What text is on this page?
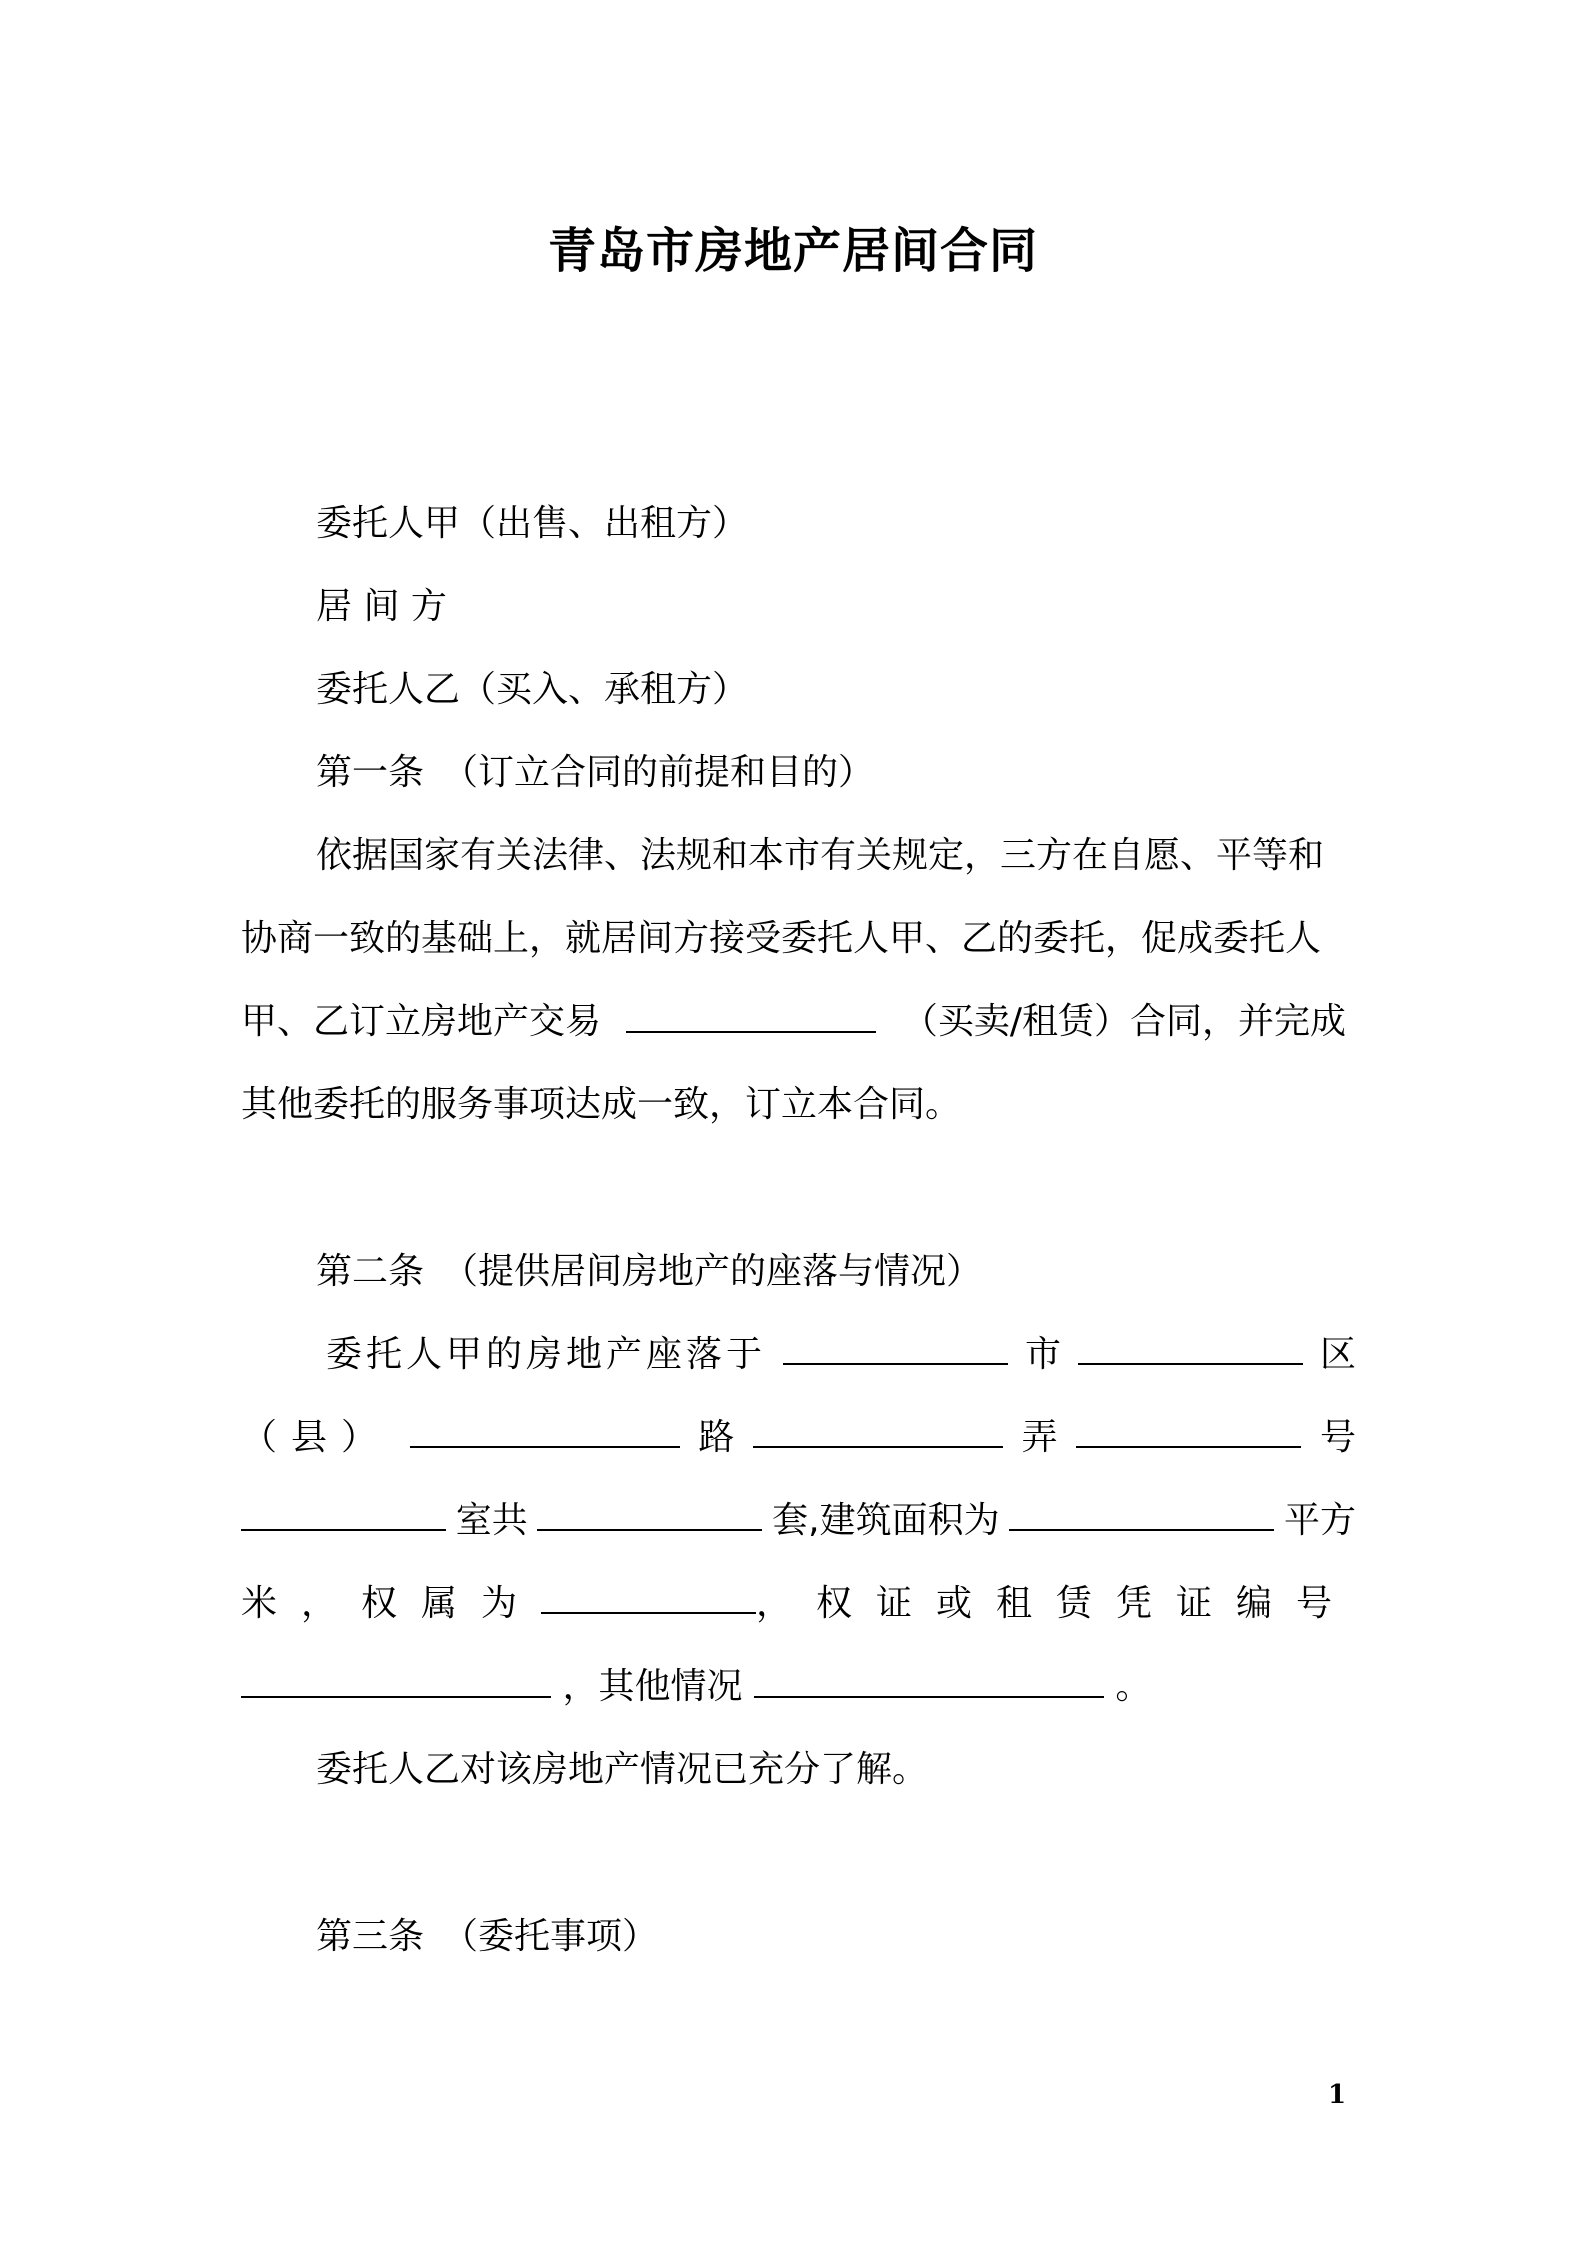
青岛市房地产居间合同
委托人甲（出售、出租方）
居 间 方
委托人乙（买入、承租方）
第一条　（订立合同的前提和目的）
依据国家有关法律、法规和本市有关规定，三方在自愿、平等和
协商一致的基础上，就居间方接受委托人甲、乙的委托，促成委托人
甲、乙订立房地产交易	（买卖/租赁）合同，并完成
其他委托的服务事项达成一致，订立本合同。
第二条　（提供居间房地产的座落与情况）
委托人甲的房地产座落于	市	区
（县）	路	弄	号
室共	套,建筑面积为	平方
米，权属为	，权证或租赁凭证编号
，其他情况	。
委托人乙对该房地产情况已充分了解。
第三条　（委托事项）
1
